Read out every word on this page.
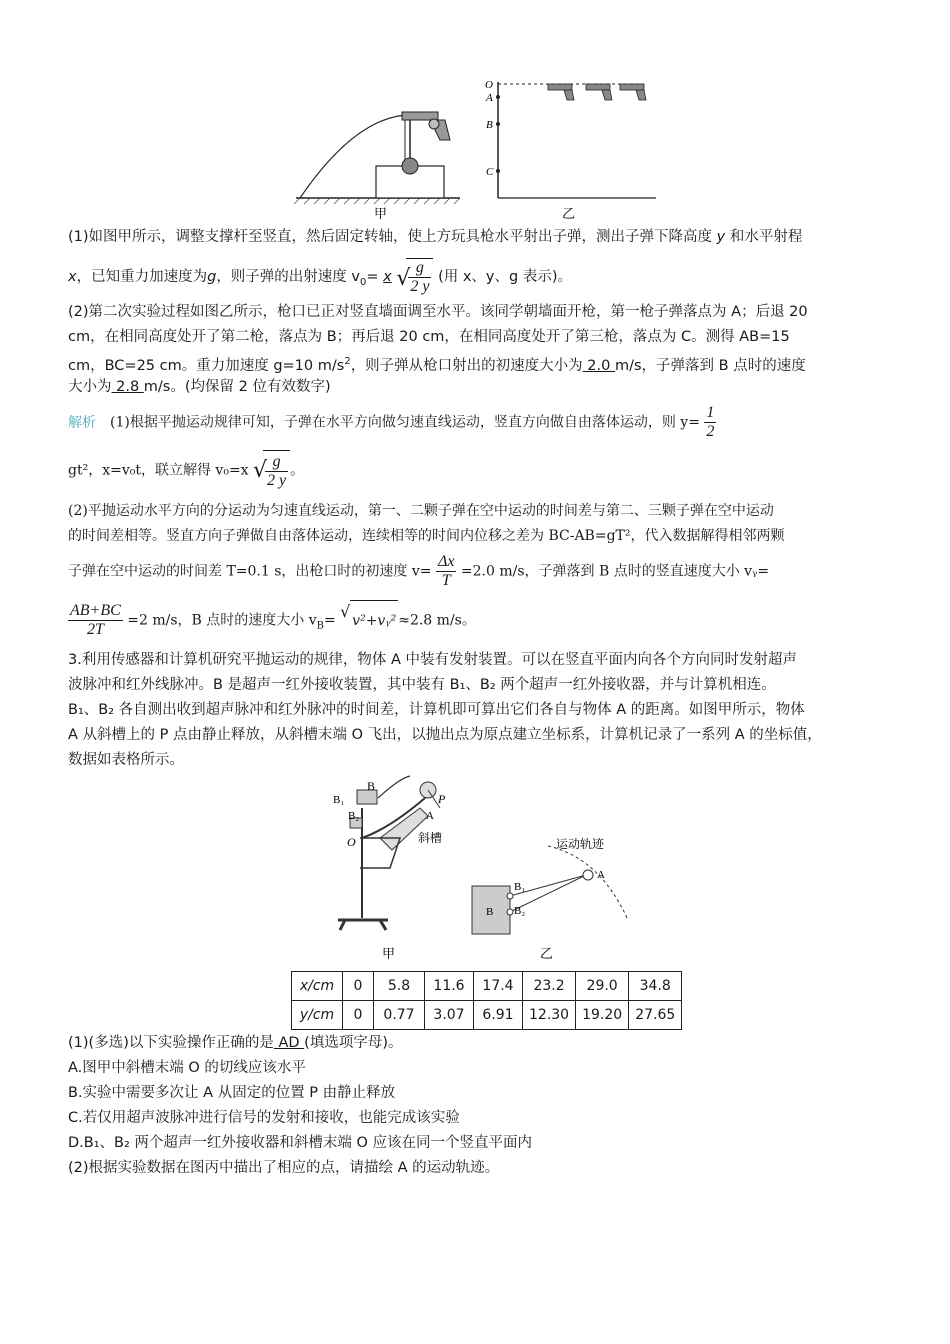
甲
O
A
B
C
乙
(1)如图甲所示，调整支撑杆至竖直，然后固定转轴，使上方玩具枪水平射出子弹，测出子弹下降高度 y 和水平射程
x，已知重力加速度为g，则子弹的出射速度 $v_0= x$ √
$\frac{g}{2 y}$ (用 x、y、g 表示)。
(2)第二次实验过程如图乙所示，枪口已正对竖直墙面调至水平。该同学朝墙面开枪，第一枪子弹落点为 A；后退 20
cm，在相同高度处开了第二枪，落点为 B；再后退 20 cm，在相同高度处开了第三枪，落点为 C。测得 AB=15
cm，BC=25 cm。重力加速度 g=10 $m/s^2$，则子弹从枪口射出的初速度大小为 2.0 m/s，子弹落到 B 点时的速度
大小为 2.8 m/s。(均保留 2 位有效数字)
解析 (1)根据平抛运动规律可知，子弹在水平方向做匀速直线运动，竖直方向做自由落体运动，则 $y= \frac{1}{2}$
gt²，x=v₀t，联立解得 v₀=x √
$\frac{g}{2 y}$ 。
(2)平抛运动水平方向的分运动为匀速直线运动，第一、二颗子弹在空中运动的时间差与第二、三颗子弹在空中运动
的时间差相等。竖直方向子弹做自由落体运动，连续相等的时间内位移之差为 BC-AB=gT²，代入数据解得相邻两颗
子弹在空中运动的时间差 T=0.1 s，出枪口时的初速度 $v= \frac{\Delta x}{T} =2.0$ m/s，子弹落到 B 点时的竖直速度大小 vᵧ=
$\frac{AB+BC}{2T} =2$ m/s，B 点时的速度大小 $v_B=$ √ v²+vᵧ² ≈2.8 m/s。
3.利用传感器和计算机研究平抛运动的规律，物体 A 中装有发射装置。可以在竖直平面内向各个方向同时发射超声
波脉冲和红外线脉冲。B 是超声一红外接收装置，其中装有 B₁、B₂ 两个超声一红外接收器，并与计算机相连。
B₁、B₂ 各自测出收到超声脉冲和红外脉冲的时间差，计算机即可算出它们各自与物体 A 的距离。如图甲所示，物体
A 从斜槽上的 P 点由静止释放，从斜槽末端 O 飞出，以抛出点为原点建立坐标系，计算机记录了一系列 A 的坐标值，
数据如表格所示。
B
B₁
B₂
P
A
O	斜槽
甲
B
B₁
B₂
A
运动轨迹
乙
x/cm	0	5.8	11.6	17.4	23.2	29.0	34.8
y/cm	0	0.77	3.07	6.91	12.30	19.20	27.65
(1)(多选)以下实验操作正确的是 AD (填选项字母)。
A.图甲中斜槽末端 O 的切线应该水平
B.实验中需要多次让 A 从固定的位置 P 由静止释放
C.若仅用超声波脉冲进行信号的发射和接收，也能完成该实验
D.B₁、B₂ 两个超声一红外接收器和斜槽末端 O 应该在同一个竖直平面内
(2)根据实验数据在图丙中描出了相应的点，请描绘 A 的运动轨迹。
